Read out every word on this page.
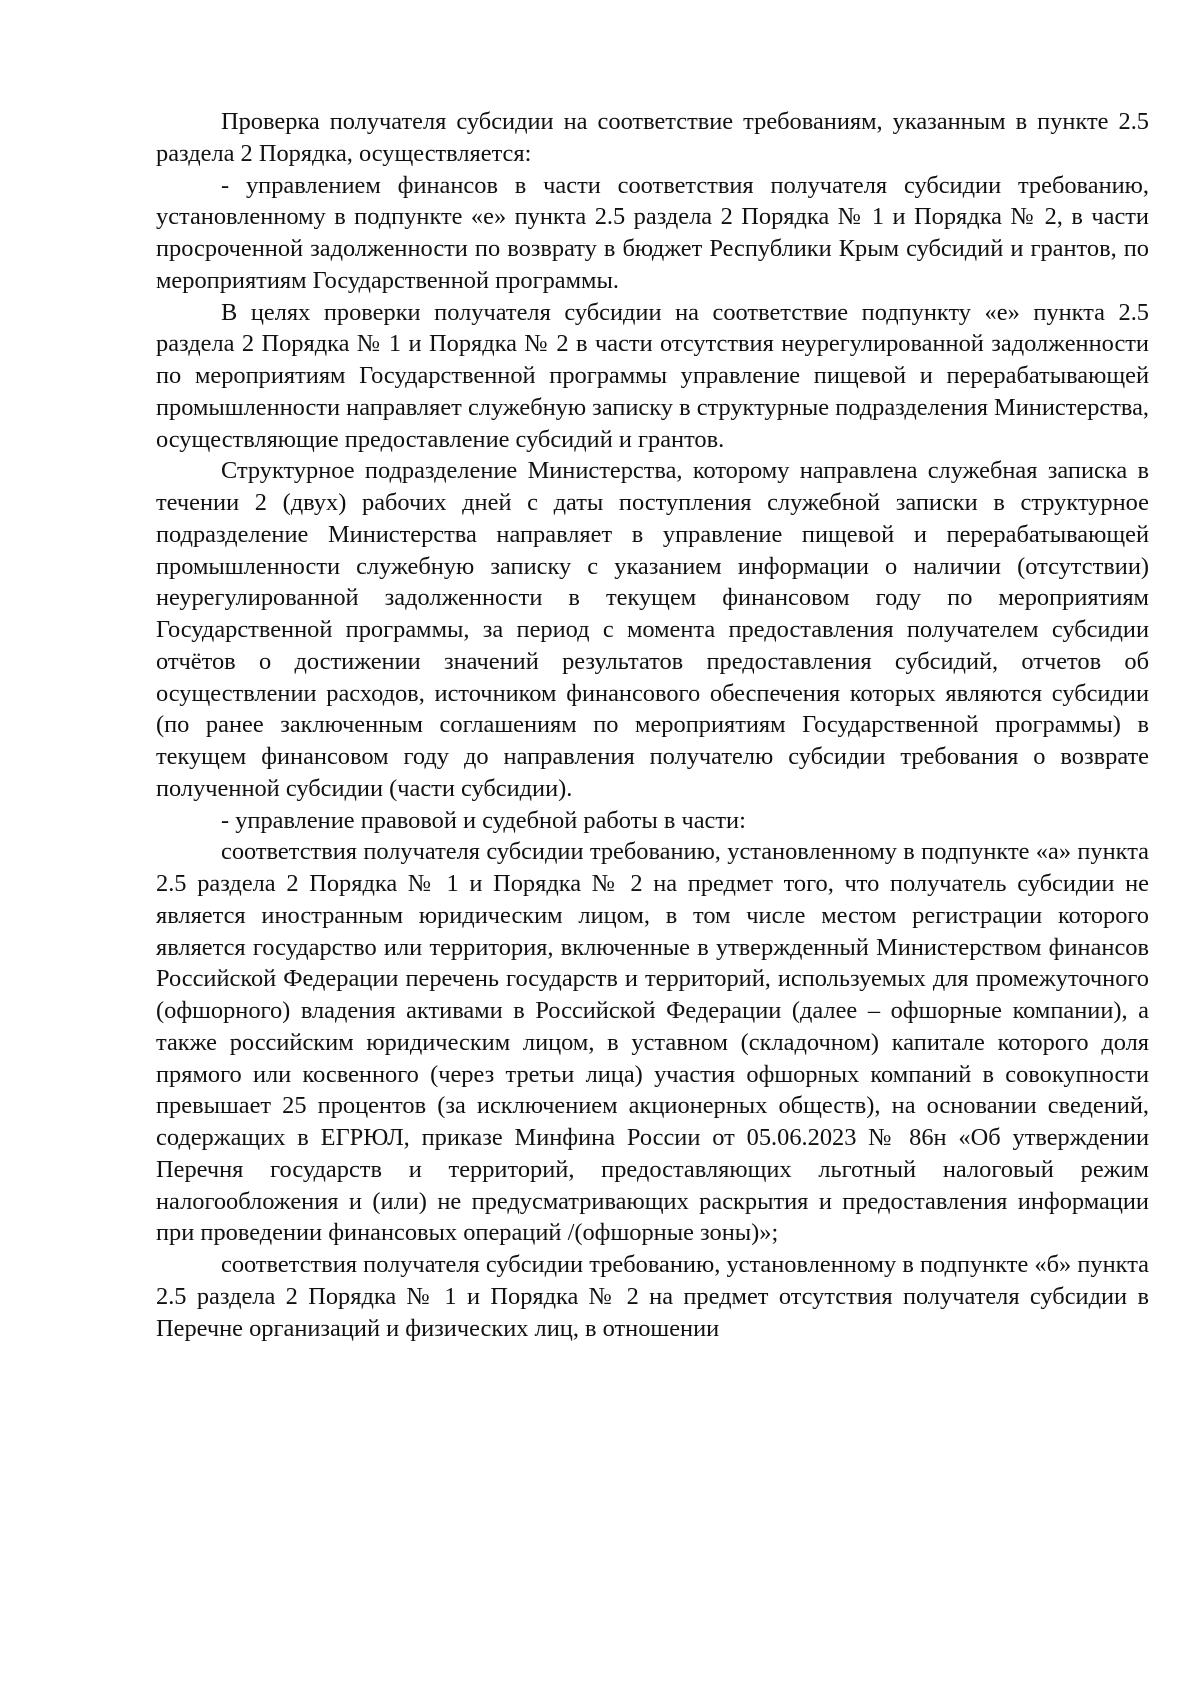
Проверка получателя субсидии на соответствие требованиям, указанным в пункте 2.5 раздела 2 Порядка, осуществляется:

- управлением финансов в части соответствия получателя субсидии требованию, установленному в подпункте «е» пункта 2.5 раздела 2 Порядка № 1 и Порядка № 2, в части просроченной задолженности по возврату в бюджет Республики Крым субсидий и грантов, по мероприятиям Государственной программы.

В целях проверки получателя субсидии на соответствие подпункту «е» пункта 2.5 раздела 2 Порядка № 1 и Порядка № 2 в части отсутствия неурегулированной задолженности по мероприятиям Государственной программы управление пищевой и перерабатывающей промышленности направляет служебную записку в структурные подразделения Министерства, осуществляющие предоставление субсидий и грантов.

Структурное подразделение Министерства, которому направлена служебная записка в течении 2 (двух) рабочих дней с даты поступления служебной записки в структурное подразделение Министерства направляет в управление пищевой и перерабатывающей промышленности служебную записку с указанием информации о наличии (отсутствии) неурегулированной задолженности в текущем финансовом году по мероприятиям Государственной программы, за период с момента предоставления получателем субсидии отчётов о достижении значений результатов предоставления субсидий, отчетов об осуществлении расходов, источником финансового обеспечения которых являются субсидии (по ранее заключенным соглашениям по мероприятиям Государственной программы) в текущем финансовом году до направления получателю субсидии требования о возврате полученной субсидии (части субсидии).

- управление правовой и судебной работы в части:

соответствия получателя субсидии требованию, установленному в подпункте «а» пункта 2.5 раздела 2 Порядка № 1 и Порядка № 2 на предмет того, что получатель субсидии не является иностранным юридическим лицом, в том числе местом регистрации которого является государство или территория, включенные в утвержденный Министерством финансов Российской Федерации перечень государств и территорий, используемых для промежуточного (офшорного) владения активами в Российской Федерации (далее – офшорные компании), а также российским юридическим лицом, в уставном (складочном) капитале которого доля прямого или косвенного (через третьи лица) участия офшорных компаний в совокупности превышает 25 процентов (за исключением акционерных обществ), на основании сведений, содержащих в ЕГРЮЛ, приказе Минфина России от 05.06.2023 № 86н «Об утверждении Перечня государств и территорий, предоставляющих льготный налоговый режим налогообложения и (или) не предусматривающих раскрытия и предоставления информации при проведении финансовых операций /(офшорные зоны)»;

соответствия получателя субсидии требованию, установленному в подпункте «б» пункта 2.5 раздела 2 Порядка № 1 и Порядка № 2 на предмет отсутствия получателя субсидии в Перечне организаций и физических лиц, в отношении
